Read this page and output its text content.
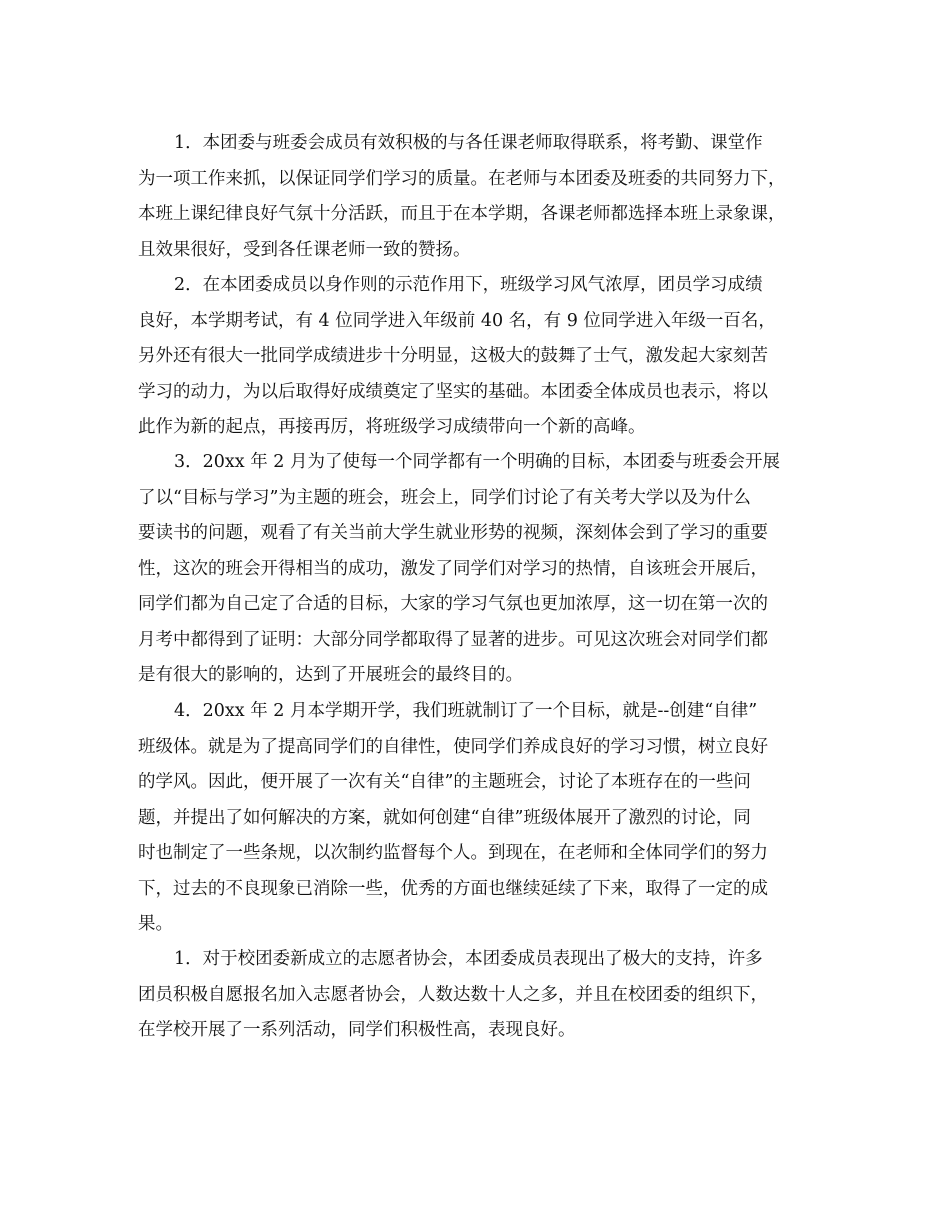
1．本团委与班委会成员有效积极的与各任课老师取得联系，将考勤、课堂作
为一项工作来抓，以保证同学们学习的质量。在老师与本团委及班委的共同努力下，
本班上课纪律良好气氛十分活跃，而且于在本学期，各课老师都选择本班上录象课，
且效果很好，受到各任课老师一致的赞扬。
2．在本团委成员以身作则的示范作用下，班级学习风气浓厚，团员学习成绩
良好，本学期考试，有 4 位同学进入年级前 40 名，有 9 位同学进入年级一百名，
另外还有很大一批同学成绩进步十分明显，这极大的鼓舞了士气，激发起大家刻苦
学习的动力，为以后取得好成绩奠定了坚实的基础。本团委全体成员也表示，将以
此作为新的起点，再接再厉，将班级学习成绩带向一个新的高峰。
3．20xx 年 2 月为了使每一个同学都有一个明确的目标，本团委与班委会开展
了以“目标与学习”为主题的班会，班会上，同学们讨论了有关考大学以及为什么
要读书的问题，观看了有关当前大学生就业形势的视频，深刻体会到了学习的重要
性，这次的班会开得相当的成功，激发了同学们对学习的热情，自该班会开展后，
同学们都为自己定了合适的目标，大家的学习气氛也更加浓厚，这一切在第一次的
月考中都得到了证明：大部分同学都取得了显著的进步。可见这次班会对同学们都
是有很大的影响的，达到了开展班会的最终目的。
4．20xx 年 2 月本学期开学，我们班就制订了一个目标，就是--创建“自律”
班级体。就是为了提高同学们的自律性，使同学们养成良好的学习习惯，树立良好
的学风。因此，便开展了一次有关“自律”的主题班会，讨论了本班存在的一些问
题，并提出了如何解决的方案，就如何创建“自律”班级体展开了激烈的讨论，同
时也制定了一些条规，以次制约监督每个人。到现在，在老师和全体同学们的努力
下，过去的不良现象已消除一些，优秀的方面也继续延续了下来，取得了一定的成
果。
1．对于校团委新成立的志愿者协会，本团委成员表现出了极大的支持，许多
团员积极自愿报名加入志愿者协会，人数达数十人之多，并且在校团委的组织下，
在学校开展了一系列活动，同学们积极性高，表现良好。
